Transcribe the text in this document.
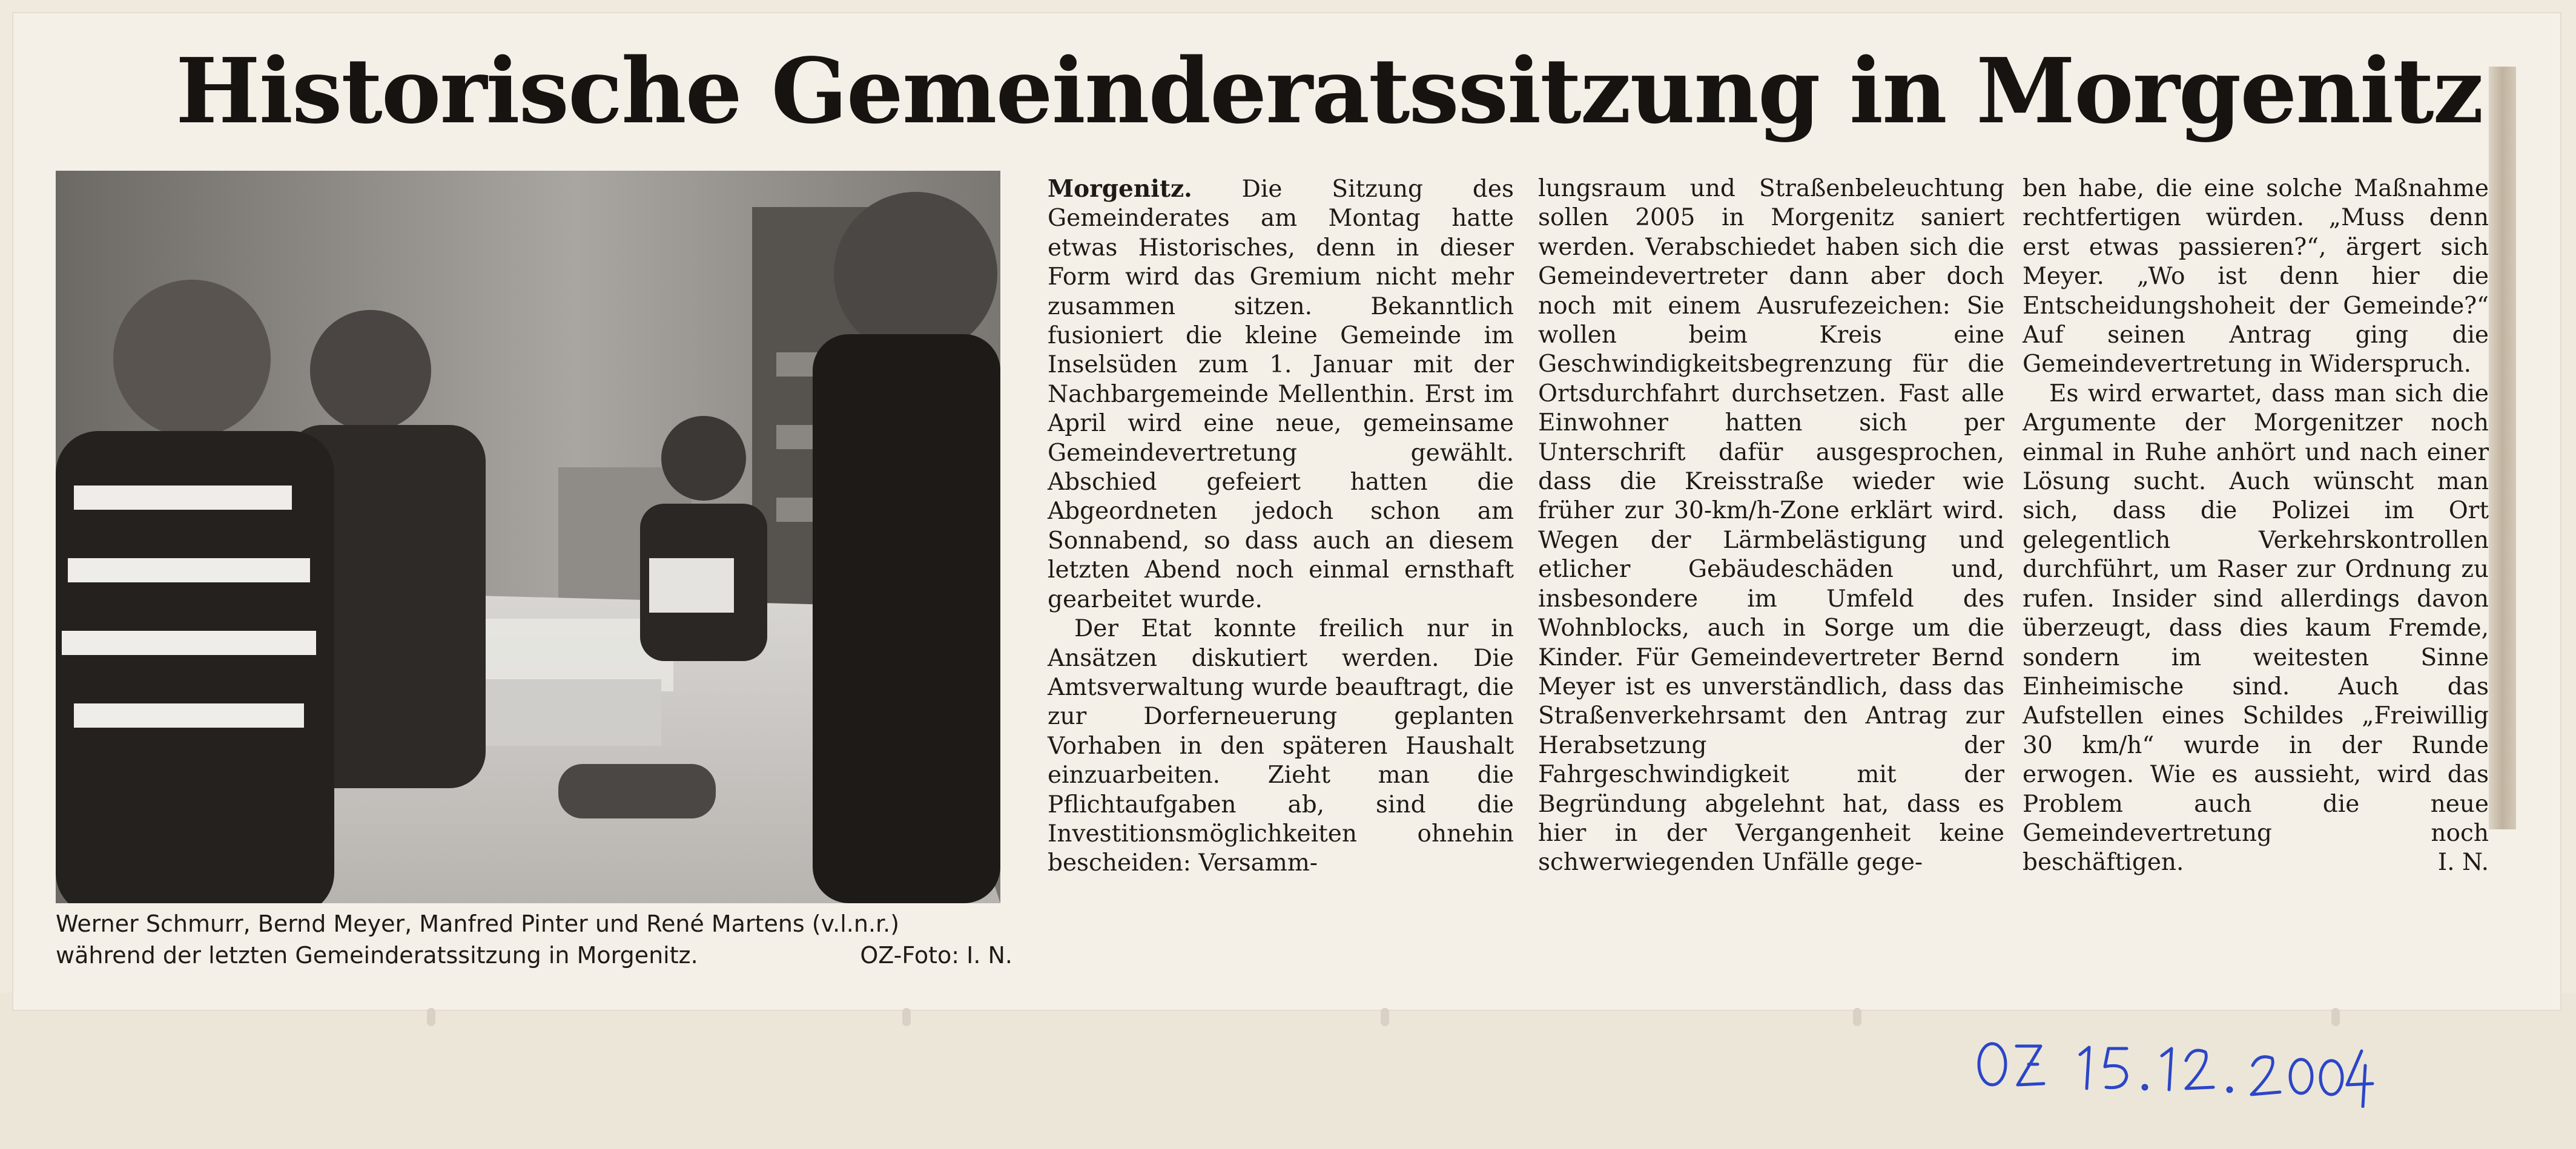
Historische Gemeinderatssitzung in Morgenitz
Werner Schmurr, Bernd Meyer, Manfred Pinter und René Martens (v.l.n.r.)
während der letzten Gemeinderatssitzung in Morgenitz.	OZ-Foto: I. N.

Morgenitz. Die Sitzung des Gemeinderates am Montag hatte etwas Historisches, denn in dieser Form wird das Gremium nicht mehr zusammen sitzen. Bekanntlich fusioniert die kleine Gemeinde im Inselsüden zum 1. Januar mit der Nachbargemeinde Mellenthin. Erst im April wird eine neue, gemeinsame Gemeindevertretung gewählt. Abschied gefeiert hatten die Abgeordneten jedoch schon am Sonnabend, so dass auch an diesem letzten Abend noch einmal ernsthaft gearbeitet wurde.

Der Etat konnte freilich nur in Ansätzen diskutiert werden. Die Amtsverwaltung wurde beauftragt, die zur Dorferneuerung geplanten Vorhaben in den späteren Haushalt einzuarbeiten. Zieht man die Pflichtaufgaben ab, sind die Investitionsmöglichkeiten ohnehin bescheiden: Versamm-

lungsraum und Straßenbeleuchtung sollen 2005 in Morgenitz saniert werden. Verabschiedet haben sich die Gemeindevertreter dann aber doch noch mit einem Ausrufezeichen: Sie wollen beim Kreis eine Geschwindigkeitsbegrenzung für die Ortsdurchfahrt durchsetzen. Fast alle Einwohner hatten sich per Unterschrift dafür ausgesprochen, dass die Kreisstraße wieder wie früher zur 30-km/h-Zone erklärt wird. Wegen der Lärmbelästigung und etlicher Gebäudeschäden und, insbesondere im Umfeld des Wohnblocks, auch in Sorge um die Kinder. Für Gemeindevertreter Bernd Meyer ist es unverständlich, dass das Straßenverkehrsamt den Antrag zur Herabsetzung der Fahrgeschwindigkeit mit der Begründung abgelehnt hat, dass es hier in der Vergangenheit keine schwerwiegenden Unfälle gege-

ben habe, die eine solche Maßnahme rechtfertigen würden. „Muss denn erst etwas passieren?“, ärgert sich Meyer. „Wo ist denn hier die Entscheidungshoheit der Gemeinde?“ Auf seinen Antrag ging die Gemeindevertretung in Widerspruch.

Es wird erwartet, dass man sich die Argumente der Morgenitzer noch einmal in Ruhe anhört und nach einer Lösung sucht. Auch wünscht man sich, dass die Polizei im Ort gelegentlich Verkehrskontrollen durchführt, um Raser zur Ordnung zu rufen. Insider sind allerdings davon überzeugt, dass dies kaum Fremde, sondern im weitesten Sinne Einheimische sind. Auch das Aufstellen eines Schildes „Freiwillig 30 km/h“ wurde in der Runde erwogen. Wie es aussieht, wird das Problem auch die neue Gemeindevertretung noch beschäftigen.	I. N.
